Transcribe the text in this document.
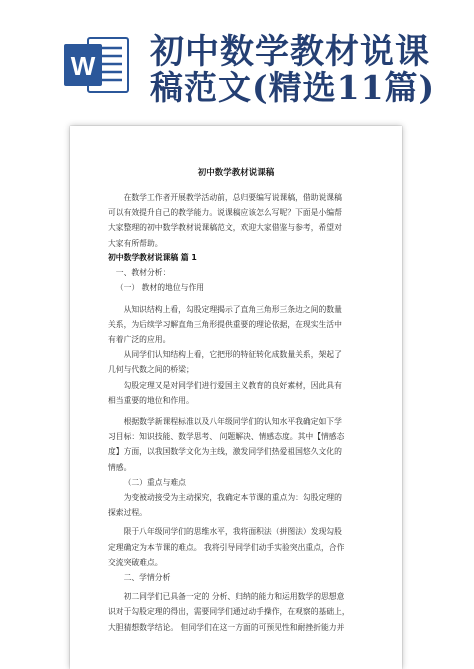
W 初中数学教材说课
稿范文(精选11篇)
初中数学教材说课稿

在数学工作者开展教学活动前，总归要编写说课稿，借助说课稿

可以有效提升自己的教学能力。说课稿应该怎么写呢？下面是小编帮

大家整理的初中数学教材说课稿范文，欢迎大家借鉴与参考，希望对

大家有所帮助。

初中数学教材说课稿 篇 1

一、教材分析：

（一） 教材的地位与作用

从知识结构上看，勾股定理揭示了直角三角形三条边之间的数量

关系，为后续学习解直角三角形提供重要的理论依据，在现实生活中

有着广泛的应用。

从同学们认知结构上看，它把形的特征转化成数量关系，架起了

几何与代数之间的桥梁；

勾股定理又是对同学们进行爱国主义教育的良好素材，因此具有

相当重要的地位和作用。

根据数学新课程标准以及八年级同学们的认知水平我确定如下学

习目标：知识技能、数学思考、 问题解决、情感态度。其中【情感态

度】方面，以我国数学文化为主线，激发同学们热爱祖国悠久文化的

情感。

（二）重点与难点

为变被动接受为主动探究，我确定本节课的重点为：勾股定理的

探索过程。

限于八年级同学们的思维水平，我将面积法（拼图法）发现勾股

定理确定为本节课的难点。 我将引导同学们动手实验突出重点，合作

交流突破难点。

二、学情分析

初二同学们已具备一定的 分析、归纳的能力和运用数学的思想意

识对于勾股定理的得出，需要同学们通过动手操作，在观察的基础上，

大胆猜想数学结论。 但同学们在这一方面的可预见性和耐挫折能力并
